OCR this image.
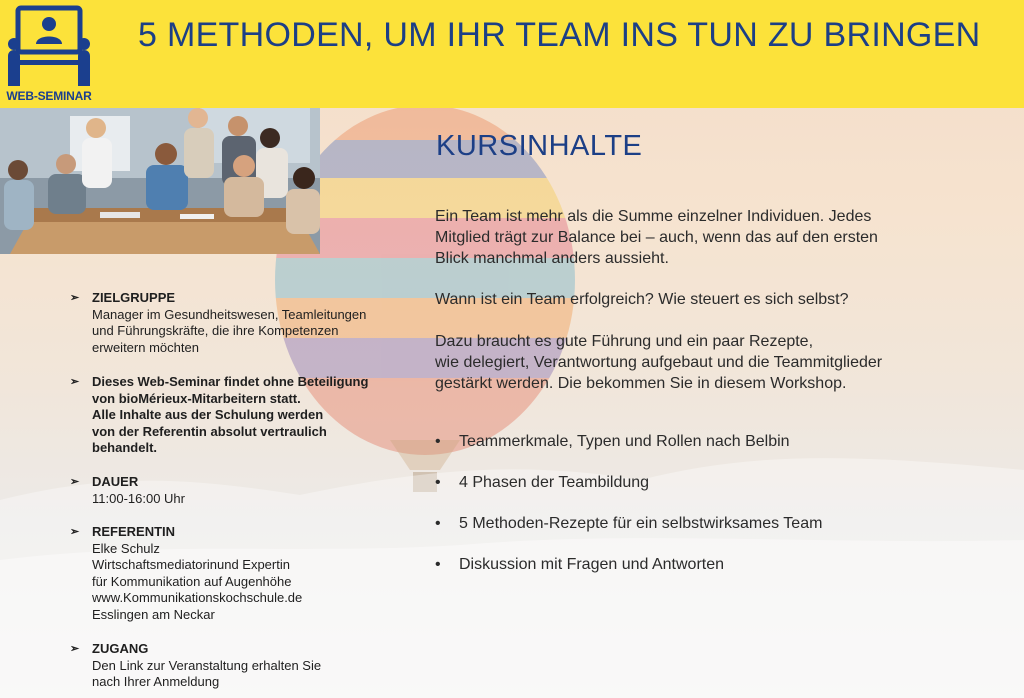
WEB-SEMINAR
5 METHODEN, UM IHR TEAM INS TUN ZU BRINGEN
➢ ZIELGRUPPE
Manager im Gesundheitswesen, Teamleitungen
und Führungskräfte, die ihre Kompetenzen
erweitern möchten
➢ Dieses Web-Seminar findet ohne Beteiligung
von bioMérieux-Mitarbeitern statt.
Alle Inhalte aus der Schulung werden
von der Referentin absolut vertraulich
behandelt.
➢ DAUER
11:00-16:00 Uhr
➢ REFERENTIN
Elke Schulz
Wirtschaftsmediatorinund Expertin
für Kommunikation auf Augenhöhe
www.Kommunikationskochschule.de
Esslingen am Neckar
➢ ZUGANG
Den Link zur Veranstaltung erhalten Sie
nach Ihrer Anmeldung
KURSINHALTE
Ein Team ist mehr als die Summe einzelner Individuen. Jedes
Mitglied trägt zur Balance bei – auch, wenn das auf den ersten
Blick manchmal anders aussieht.
Wann ist ein Team erfolgreich? Wie steuert es sich selbst?
Dazu braucht es gute Führung und ein paar Rezepte,
wie delegiert, Verantwortung aufgebaut und die Teammitglieder
gestärkt werden. Die bekommen Sie in diesem Workshop.
• Teammerkmale, Typen und Rollen nach Belbin
• 4 Phasen der Teambildung
• 5 Methoden-Rezepte für ein selbstwirksames Team
• Diskussion mit Fragen und Antworten
